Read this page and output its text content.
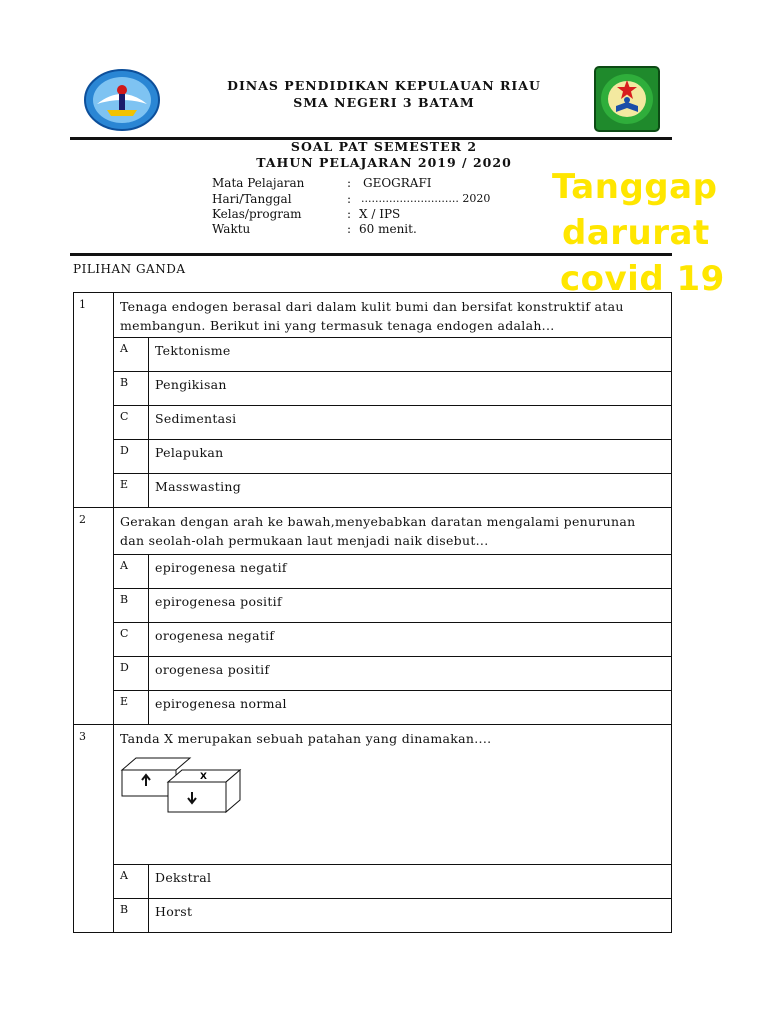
DINAS PENDIDIKAN KEPULAUAN RIAU
SMA NEGERI 3 BATAM
SOAL PAT SEMESTER 2
TAHUN PELAJARAN 2019 / 2020
Mata Pelajaran	: GEOGRAFI
Hari/Tanggal	: ............................ 2020
Kelas/program	: X / IPS
Waktu	: 60 menit.
PILIHAN GANDA
Tanggap
darurat
covid 19
1	Tenaga endogen berasal dari dalam kulit bumi dan bersifat konstruktif atau membangun. Berikut ini yang termasuk tenaga endogen adalah...	
	A	Tektonisme
	B	Pengikisan
	C	Sedimentasi
	D	Pelapukan
	E	Masswasting
2	Gerakan dengan arah ke bawah,menyebabkan daratan mengalami penurunan dan seolah-olah permukaan laut menjadi naik disebut...	
	A	epirogenesa negatif
	B	epirogenesa positif
	C	orogenesa negatif
	D	orogenesa positif
	E	epirogenesa normal
3	Tanda X merupakan sebuah patahan yang dinamakan....
X	

	A	Dekstral
	B	Horst
